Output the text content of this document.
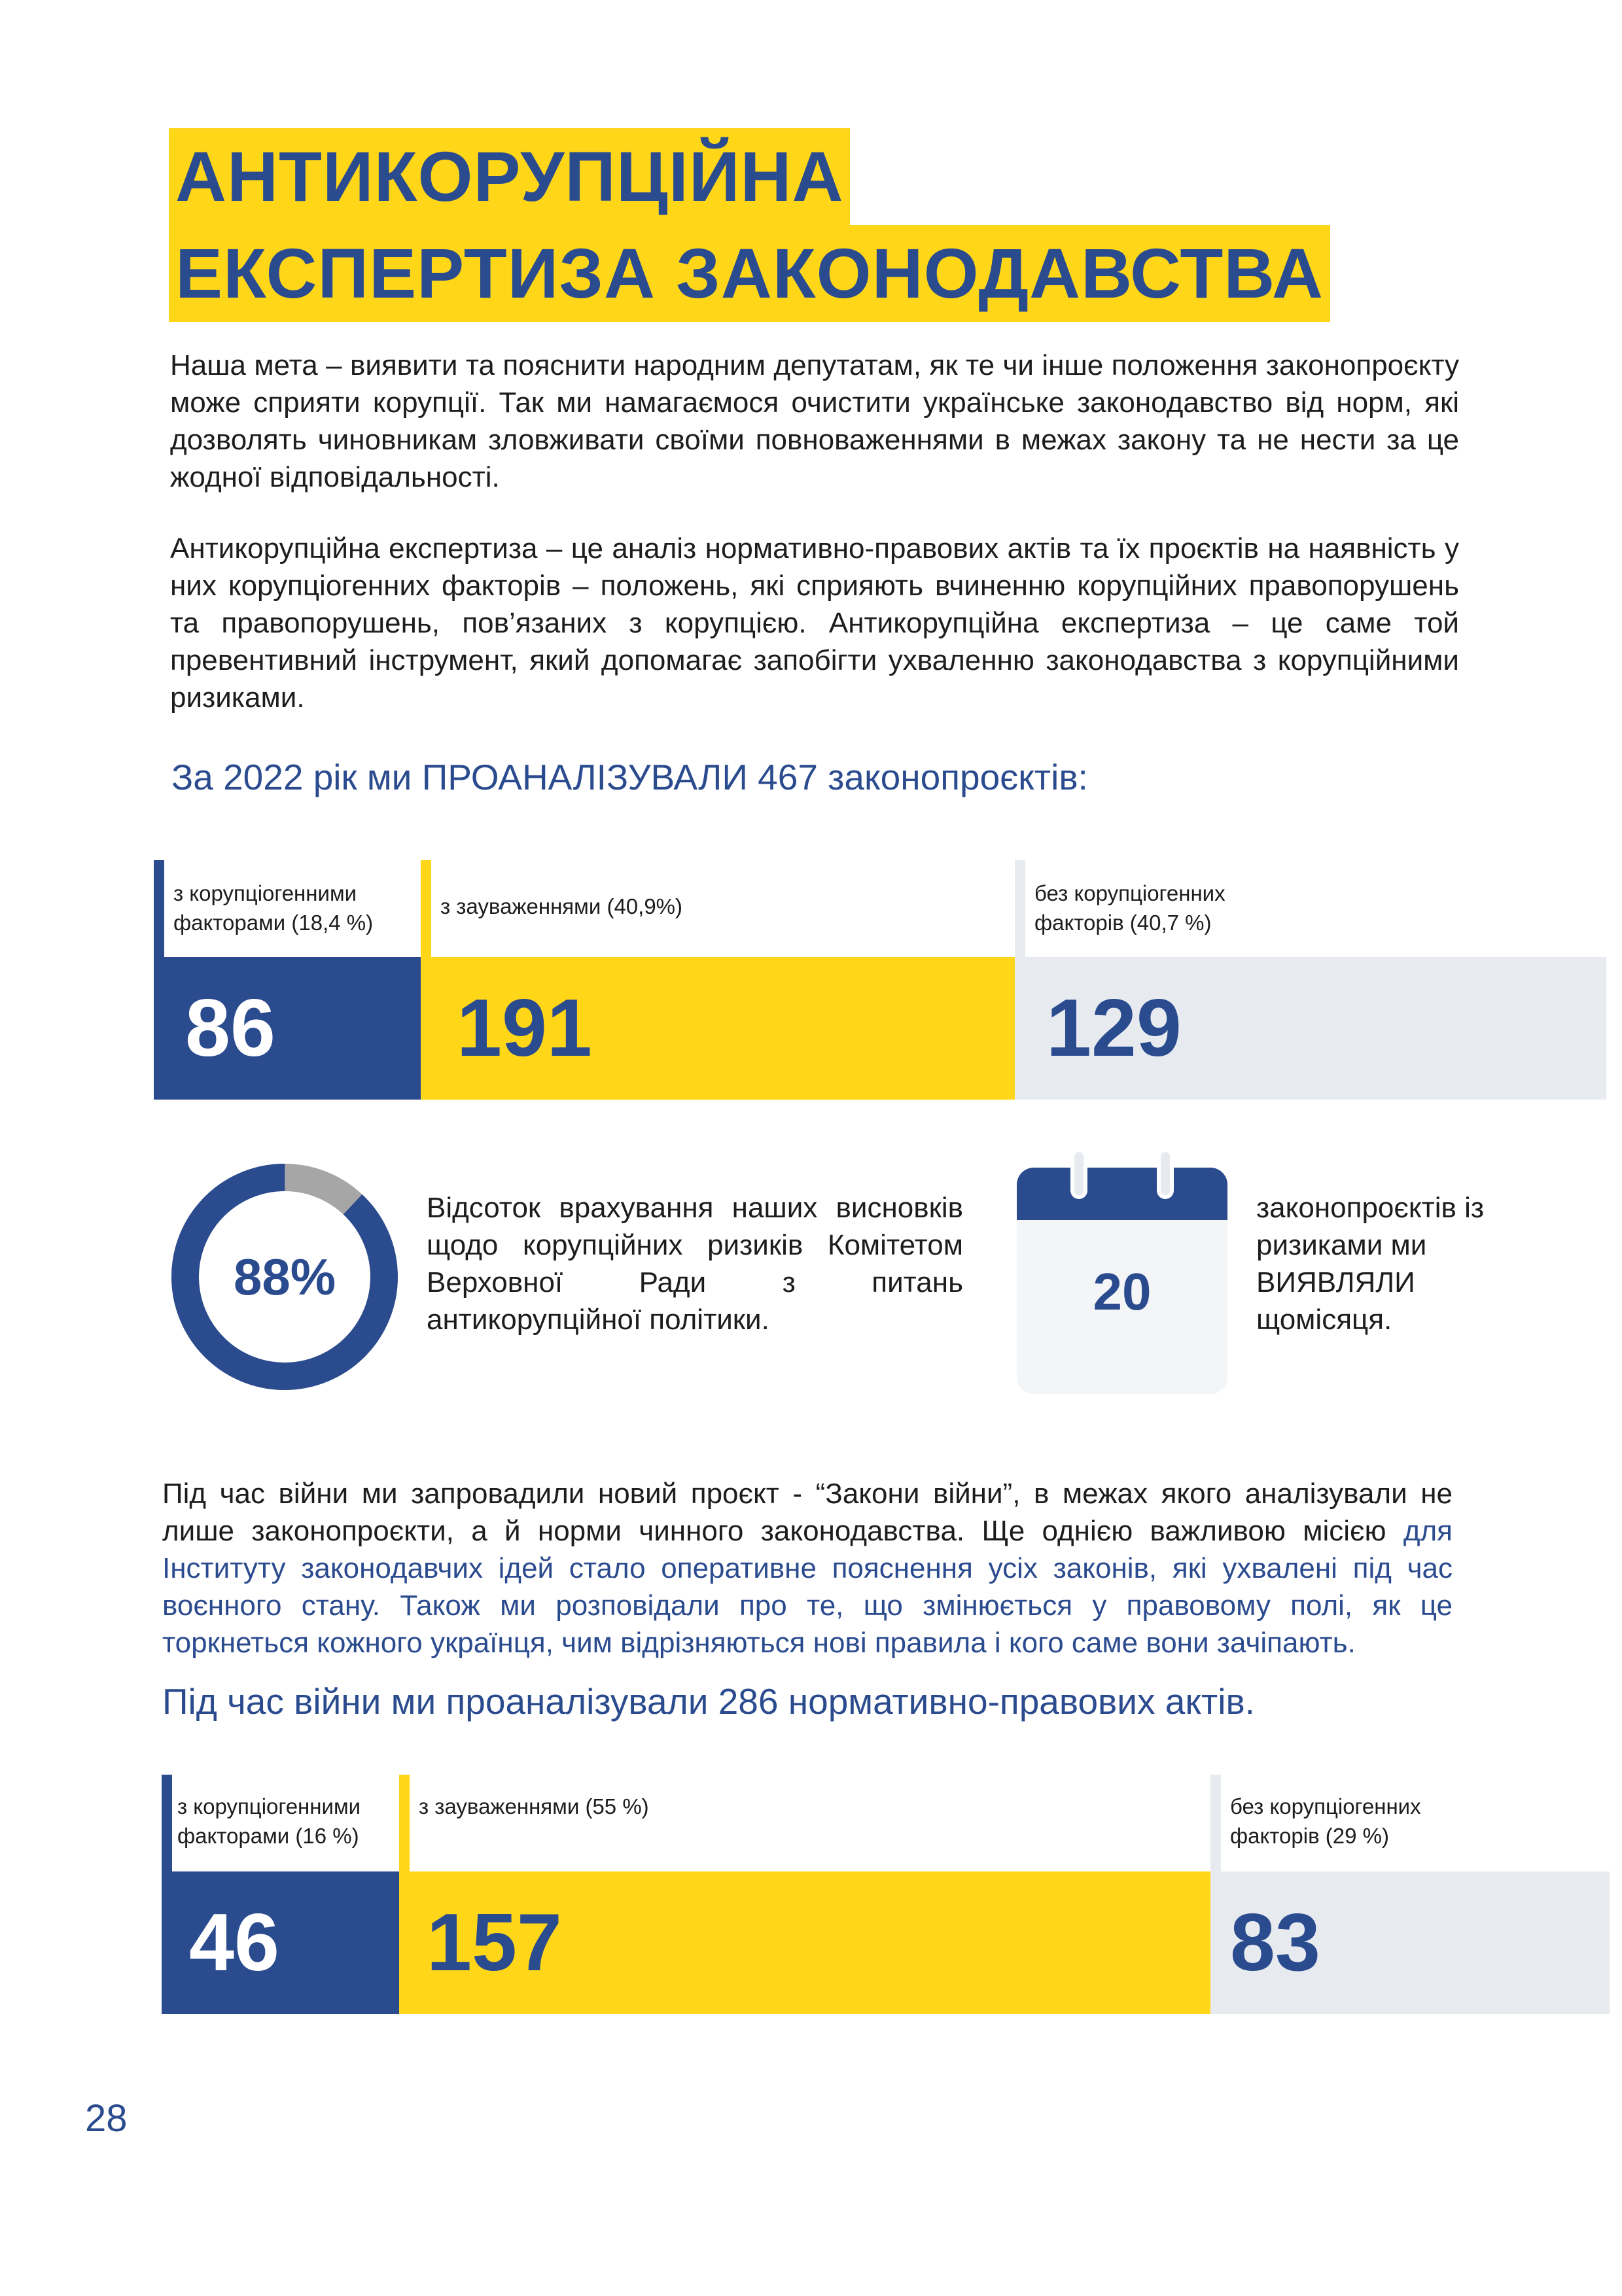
АНТИКОРУПЦІЙНА
ЕКСПЕРТИЗА ЗАКОНОДАВСТВА

Наша мета – виявити та пояснити народним депутатам, як те чи інше положення законопроєкту може сприяти корупції. Так ми намагаємося очистити українське законодавство від норм, які дозволять чиновникам зловживати своїми повноваженнями в межах закону та не нести за це жодної відповідальності.

Антикорупційна експертиза – це аналіз нормативно-правових актів та їх проєктів на наявність у них корупціогенних факторів – положень, які сприяють вчиненню корупційних правопорушень та правопорушень, пов’язаних з корупцією. Антикорупційна експертиза – це саме той превентивний інструмент, який допомагає запобігти ухваленню законодавства з корупційними ризиками.

За 2022 рік ми ПРОАНАЛІЗУВАЛИ 467 законопроєктів:

з корупціогенними
факторами (18,4 %)
86
з зауваженнями (40,9%)
191
без корупціогенних
факторів (40,7 %)
129
88%

Відсоток врахування наших висновків щодо корупційних ризиків Комітетом Верховної Ради з питань антикорупційної політики.	20

законопроєктів із ризиками ми ВИЯВЛЯЛИ щомісяця.

Під час війни ми запровадили новий проєкт - “Закони війни”, в межах якого аналізували не лише законопроєкти, а й норми чинного законодавства. Ще однією важливою місією для Інституту законодавчих ідей стало оперативне пояснення усіх законів, які ухвалені під час воєнного стану. Також ми розповідали про те, що змінюється у правовому полі, як це торкнеться кожного українця, чим відрізняються нові правила і кого саме вони зачіпають.

Під час війни ми проаналізували 286 нормативно-правових актів.

з корупціогенними
факторами (16 %)
46
з зауваженнями (55 %)
157
без корупціогенних
факторів (29 %)
83
28
